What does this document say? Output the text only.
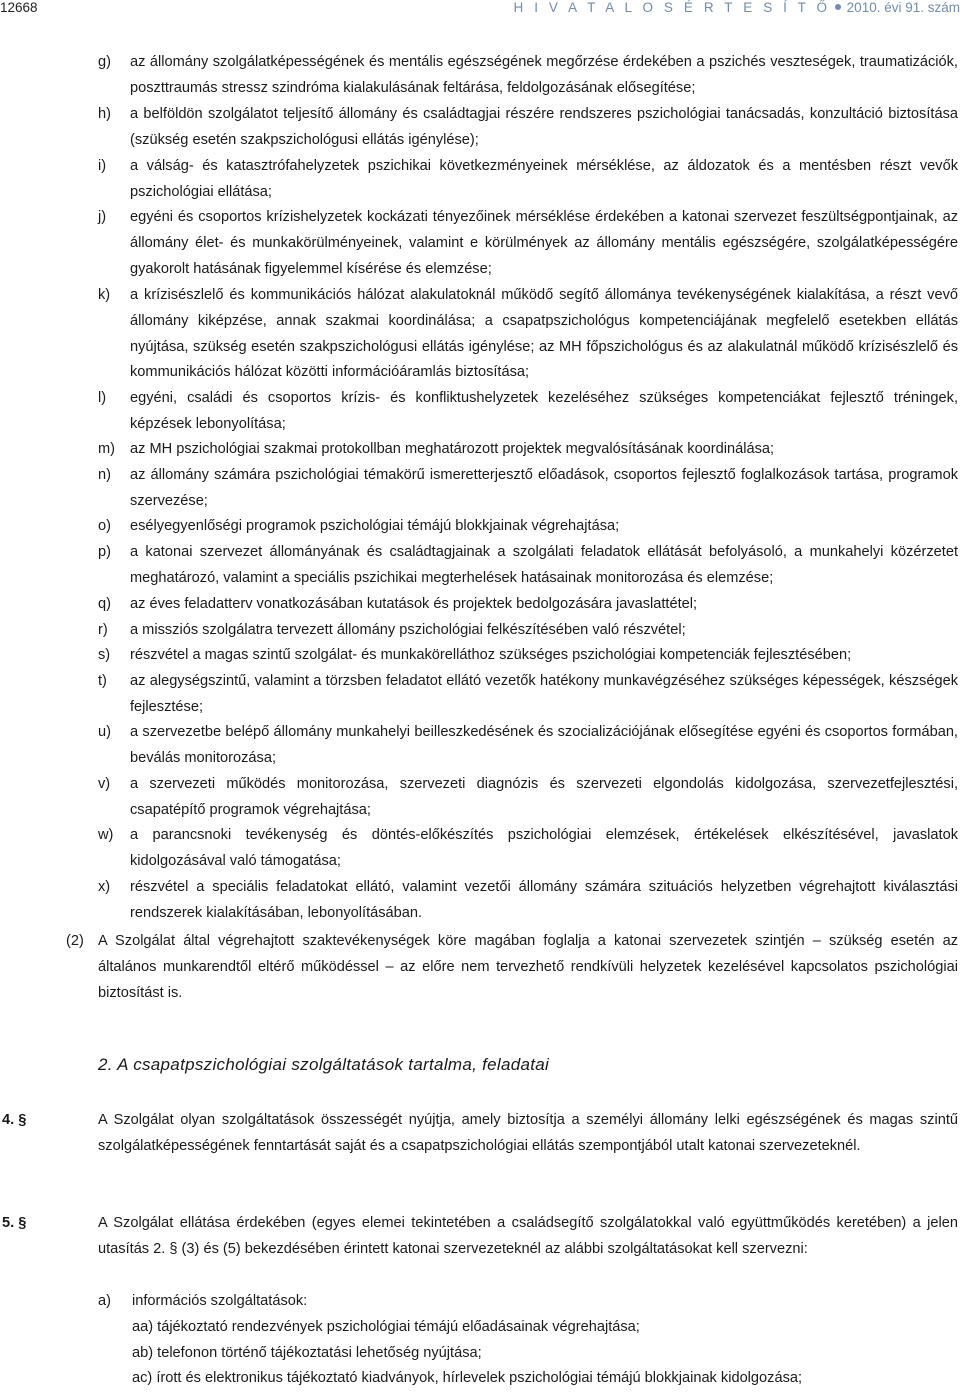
12668	H I V A T A L O S É R T E S Í T Ő 2010. évi 91. szám
g) az állomány szolgálatképességének és mentális egészségének megőrzése érdekében a pszichés veszteségek, traumatizációk, poszttraumás stressz szindróma kialakulásának feltárása, feldolgozásának elősegítése;
h) a belföldön szolgálatot teljesítő állomány és családtagjai részére rendszeres pszichológiai tanácsadás, konzultáció biztosítása (szükség esetén szakpszichológusi ellátás igénylése);
i) a válság- és katasztrófahelyzetek pszichikai következményeinek mérséklése, az áldozatok és a mentésben részt vevők pszichológiai ellátása;
j) egyéni és csoportos krízishelyzetek kockázati tényezőinek mérséklése érdekében a katonai szervezet feszültségpontjainak, az állomány élet- és munkakörülményeinek, valamint e körülmények az állomány mentális egészségére, szolgálatképességére gyakorolt hatásának figyelemmel kísérése és elemzése;
k) a krízisészlelő és kommunikációs hálózat alakulatoknál működő segítő állománya tevékenységének kialakítása, a részt vevő állomány kiképzése, annak szakmai koordinálása; a csapatpszichológus kompetenciájának megfelelő esetekben ellátás nyújtása, szükség esetén szakpszichológusi ellátás igénylése; az MH főpszichológus és az alakulatnál működő krízisészlelő és kommunikációs hálózat közötti információáramlás biztosítása;
l) egyéni, családi és csoportos krízis- és konfliktushelyzetek kezeléséhez szükséges kompetenciákat fejlesztő tréningek, képzések lebonyolítása;
m) az MH pszichológiai szakmai protokollban meghatározott projektek megvalósításának koordinálása;
n) az állomány számára pszichológiai témakörű ismeretterjesztő előadások, csoportos fejlesztő foglalkozások tartása, programok szervezése;
o) esélyegyenlőségi programok pszichológiai témájú blokkjainak végrehajtása;
p) a katonai szervezet állományának és családtagjainak a szolgálati feladatok ellátását befolyásoló, a munkahelyi közérzetet meghatározó, valamint a speciális pszichikai megterhelések hatásainak monitorozása és elemzése;
q) az éves feladatterv vonatkozásában kutatások és projektek bedolgozására javaslattétel;
r) a missziós szolgálatra tervezett állomány pszichológiai felkészítésében való részvétel;
s) részvétel a magas szintű szolgálat- és munkakörelláthoz szükséges pszichológiai kompetenciák fejlesztésében;
t) az alegységszintű, valamint a törzsben feladatot ellátó vezetők hatékony munkavégzéséhez szükséges képességek, készségek fejlesztése;
u) a szervezetbe belépő állomány munkahelyi beilleszkedésének és szocializációjának elősegítése egyéni és csoportos formában, beválás monitorozása;
v) a szervezeti működés monitorozása, szervezeti diagnózis és szervezeti elgondolás kidolgozása, szervezetfejlesztési, csapatépítő programok végrehajtása;
w) a parancsnoki tevékenység és döntés-előkészítés pszichológiai elemzések, értékelések elkészítésével, javaslatok kidolgozásával való támogatása;
x) részvétel a speciális feladatokat ellátó, valamint vezetői állomány számára szituációs helyzetben végrehajtott kiválasztási rendszerek kialakításában, lebonyolításában.
(2) A Szolgálat által végrehajtott szaktevékenységek köre magában foglalja a katonai szervezetek szintjén – szükség esetén az általános munkarendtől eltérő működéssel – az előre nem tervezhető rendkívüli helyzetek kezelésével kapcsolatos pszichológiai biztosítást is.
2. A csapatpszichológiai szolgáltatások tartalma, feladatai
4. §	A Szolgálat olyan szolgáltatások összességét nyújtja, amely biztosítja a személyi állomány lelki egészségének és magas szintű szolgálatképességének fenntartását saját és a csapatpszichológiai ellátás szempontjából utalt katonai szervezeteknél.
5. §	A Szolgálat ellátása érdekében (egyes elemei tekintetében a családsegítő szolgálatokkal való együttműködés keretében) a jelen utasítás 2. § (3) és (5) bekezdésében érintett katonai szervezeteknél az alábbi szolgáltatásokat kell szervezni:
a) információs szolgáltatások:
aa) tájékoztató rendezvények pszichológiai témájú előadásainak végrehajtása;
ab) telefonon történő tájékoztatási lehetőség nyújtása;
ac) írott és elektronikus tájékoztató kiadványok, hírlevelek pszichológiai témájú blokkjainak kidolgozása;
